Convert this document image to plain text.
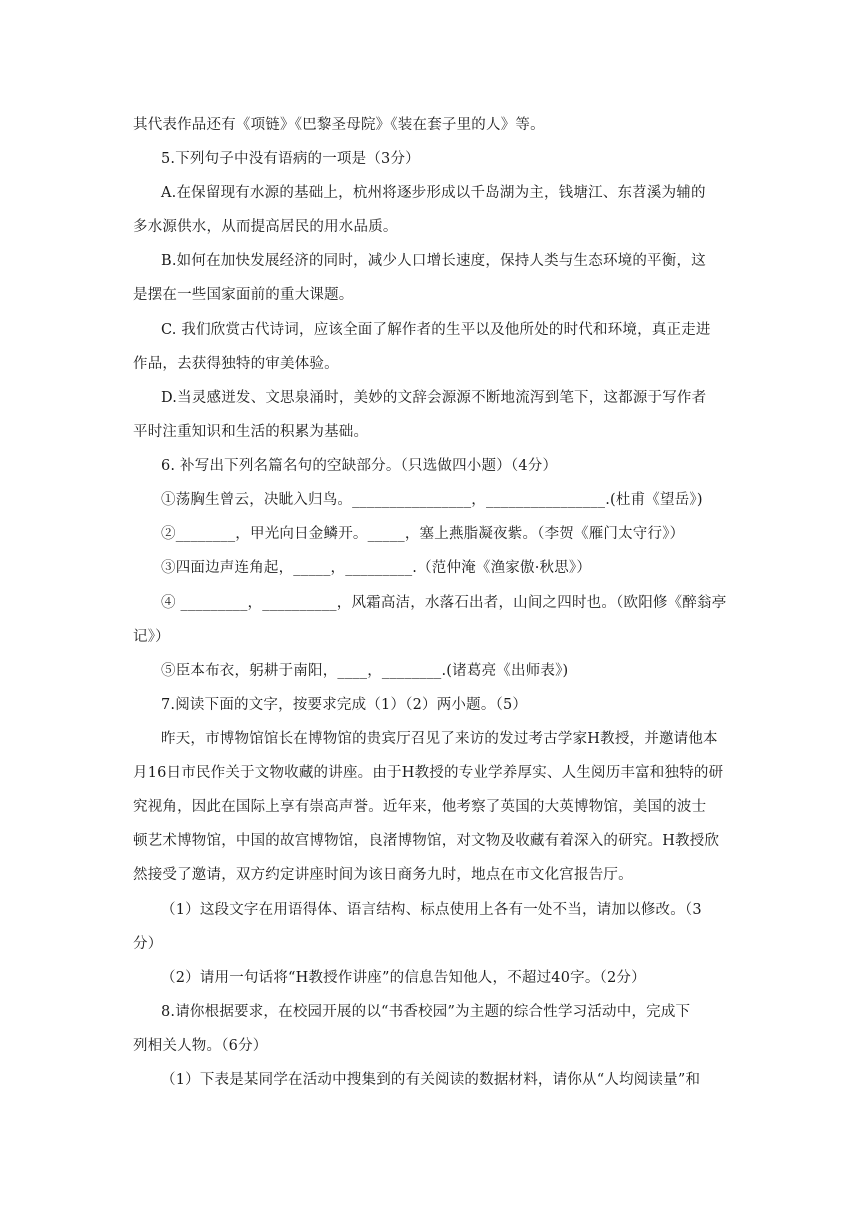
其代表作品还有《项链》《巴黎圣母院》《装在套子里的人》等。
5.下列句子中没有语病的一项是（3分）
A.在保留现有水源的基础上，杭州将逐步形成以千岛湖为主，钱塘江、东苕溪为辅的
多水源供水，从而提高居民的用水品质。
B.如何在加快发展经济的同时，减少人口增长速度，保持人类与生态环境的平衡，这
是摆在一些国家面前的重大课题。
C. 我们欣赏古代诗词，应该全面了解作者的生平以及他所处的时代和环境，真正走进
作品，去获得独特的审美体验。
D.当灵感迸发、文思泉涌时，美妙的文辞会源源不断地流泻到笔下，这都源于写作者
平时注重知识和生活的积累为基础。
6. 补写出下列名篇名句的空缺部分。（只选做四小题）（4分）
①荡胸生曾云，决眦入归鸟。________________，________________.(杜甫《望岳》)
②________，甲光向日金鳞开。_____，塞上燕脂凝夜紫。（李贺《雁门太守行》）
③四面边声连角起，_____，_________.（范仲淹《渔家傲·秋思》）
④ _________，__________，风霜高洁，水落石出者，山间之四时也。（欧阳修《醉翁亭
记》）
⑤臣本布衣，躬耕于南阳，____，________.(诸葛亮《出师表》)
7.阅读下面的文字，按要求完成（1）（2）两小题。（5）
昨天，市博物馆馆长在博物馆的贵宾厅召见了来访的发过考古学家H教授，并邀请他本
月16日市民作关于文物收藏的讲座。由于H教授的专业学养厚实、人生阅历丰富和独特的研
究视角，因此在国际上享有崇高声誉。近年来，他考察了英国的大英博物馆，美国的波士
顿艺术博物馆，中国的故宫博物馆，良渚博物馆，对文物及收藏有着深入的研究。H教授欣
然接受了邀请，双方约定讲座时间为该日商务九时，地点在市文化宫报告厅。
（1）这段文字在用语得体、语言结构、标点使用上各有一处不当，请加以修改。（3
分）
（2）请用一句话将“H教授作讲座”的信息告知他人，不超过40字。（2分）
8.请你根据要求，在校园开展的以“书香校园”为主题的综合性学习活动中，完成下
列相关人物。（6分）
（1）下表是某同学在活动中搜集到的有关阅读的数据材料，请你从“人均阅读量”和
